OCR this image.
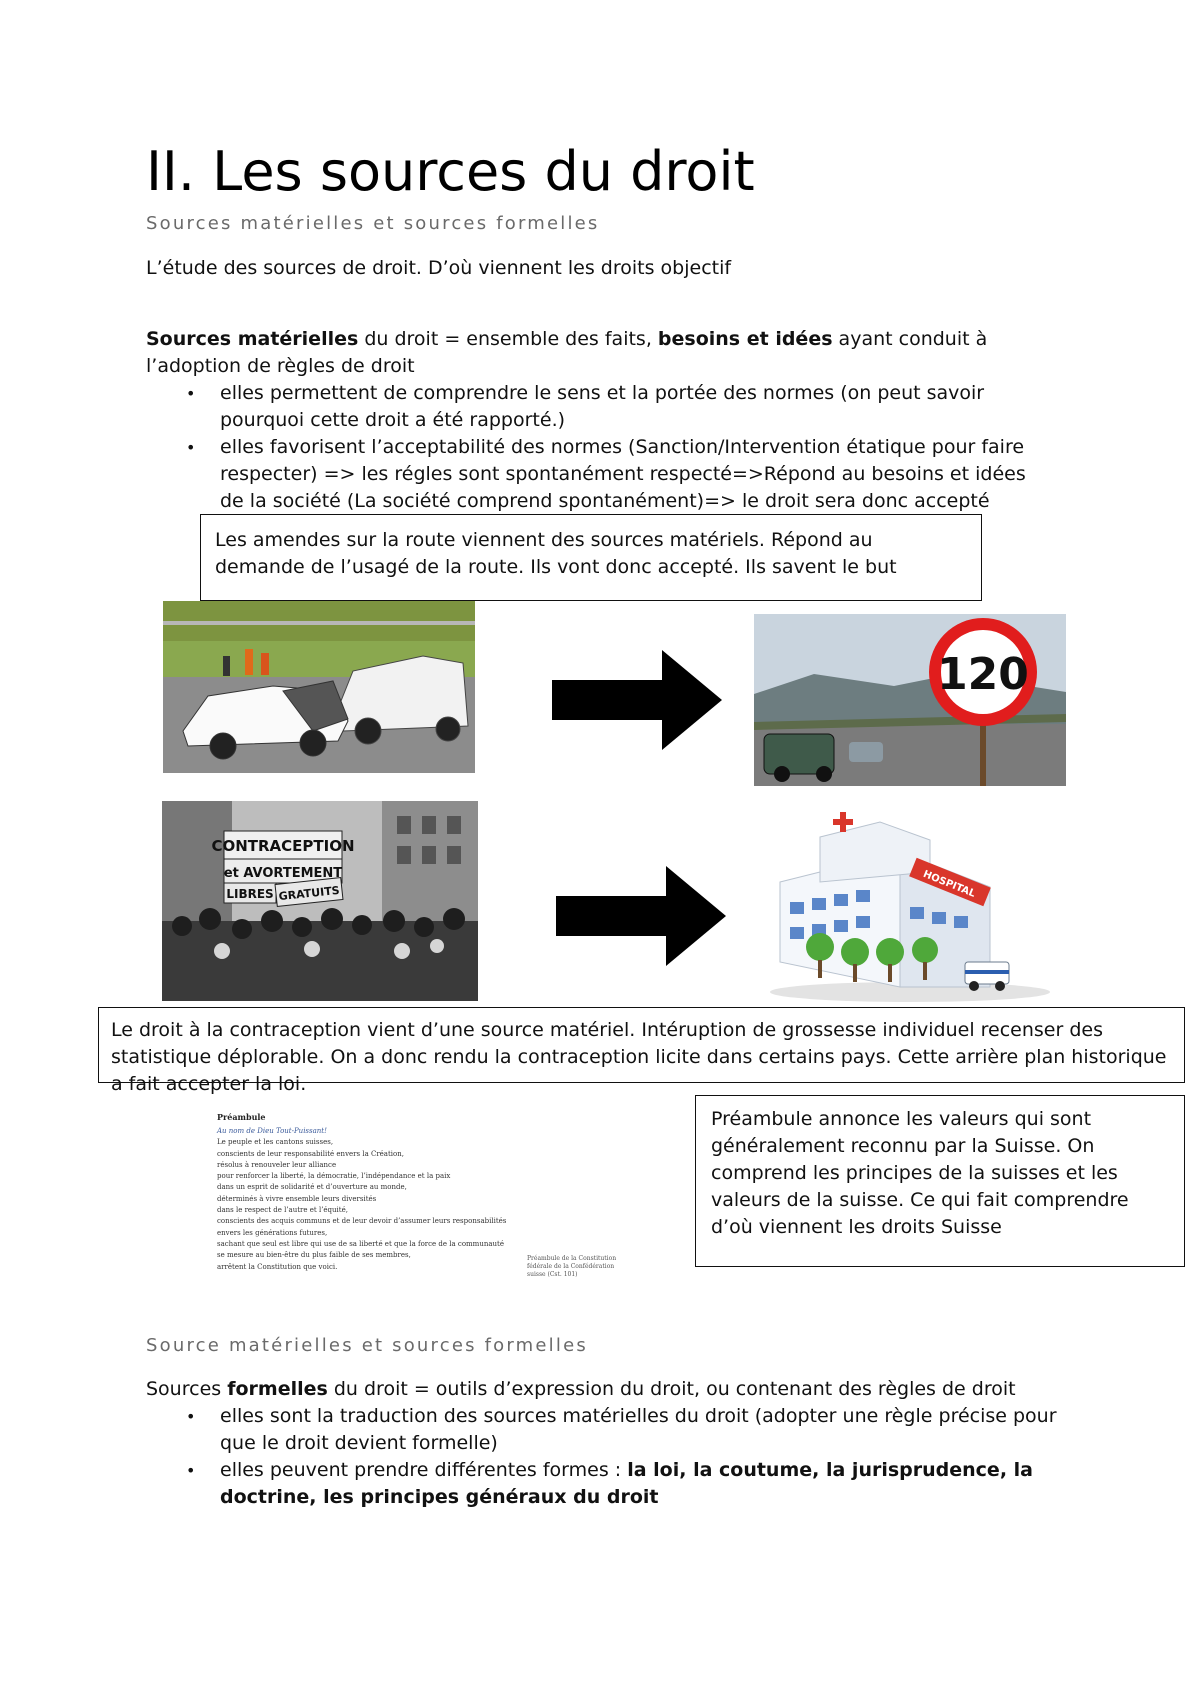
II. Les sources du droit
Sources matérielles et sources formelles
L’étude des sources de droit. D’où viennent les droits objectif
Sources matérielles du droit = ensemble des faits, besoins et idées ayant conduit à l’adoption de règles de droit
• elles permettent de comprendre le sens et la portée des normes (on peut savoir pourquoi cette droit a été rapporté.)
• elles favorisent l’acceptabilité des normes (Sanction/Intervention étatique pour faire respecter) => les régles sont spontanément respecté=>Répond au besoins et idées de la société (La société comprend spontanément)=> le droit sera donc accepté
120
CONTRACEPTION
et AVORTEMENT
LIBRES GRATUITS	HOSPITAL
Les amendes sur la route viennent des sources matériels. Répond au demande de l’usagé de la route. Ils vont donc accepté. Ils savent le but
Le droit à la contraception vient d’une source matériel. Intéruption de grossesse individuel recenser des statistique déplorable. On a donc rendu la contraception licite dans certains pays. Cette arrière plan historique a fait accepter la loi.
Préambule
Au nom de Dieu Tout-Puissant!
Le peuple et les cantons suisses,
conscients de leur responsabilité envers la Création,
résolus à renouveler leur alliance
pour renforcer la liberté, la démocratie, l’indépendance et la paix
dans un esprit de solidarité et d’ouverture au monde,
déterminés à vivre ensemble leurs diversités
dans le respect de l’autre et l’équité,
conscients des acquis communs et de leur devoir d’assumer leurs responsabilités
envers les générations futures,
sachant que seul est libre qui use de sa liberté et que la force de la communauté
se mesure au bien-être du plus faible de ses membres,
arrêtent la Constitution que voici.
Préambule de la Constitution fédérale de la Confédération suisse (Cst. 101)
Préambule annonce les valeurs qui sont généralement reconnu par la Suisse. On comprend les principes de la suisses et les valeurs de la suisse. Ce qui fait comprendre d’où viennent les droits Suisse
Source matérielles et sources formelles
Sources formelles du droit = outils d’expression du droit, ou contenant des règles de droit
• elles sont la traduction des sources matérielles du droit (adopter une règle précise pour que le droit devient formelle)
• elles peuvent prendre différentes formes : la loi, la coutume, la jurisprudence, la doctrine, les principes généraux du droit
